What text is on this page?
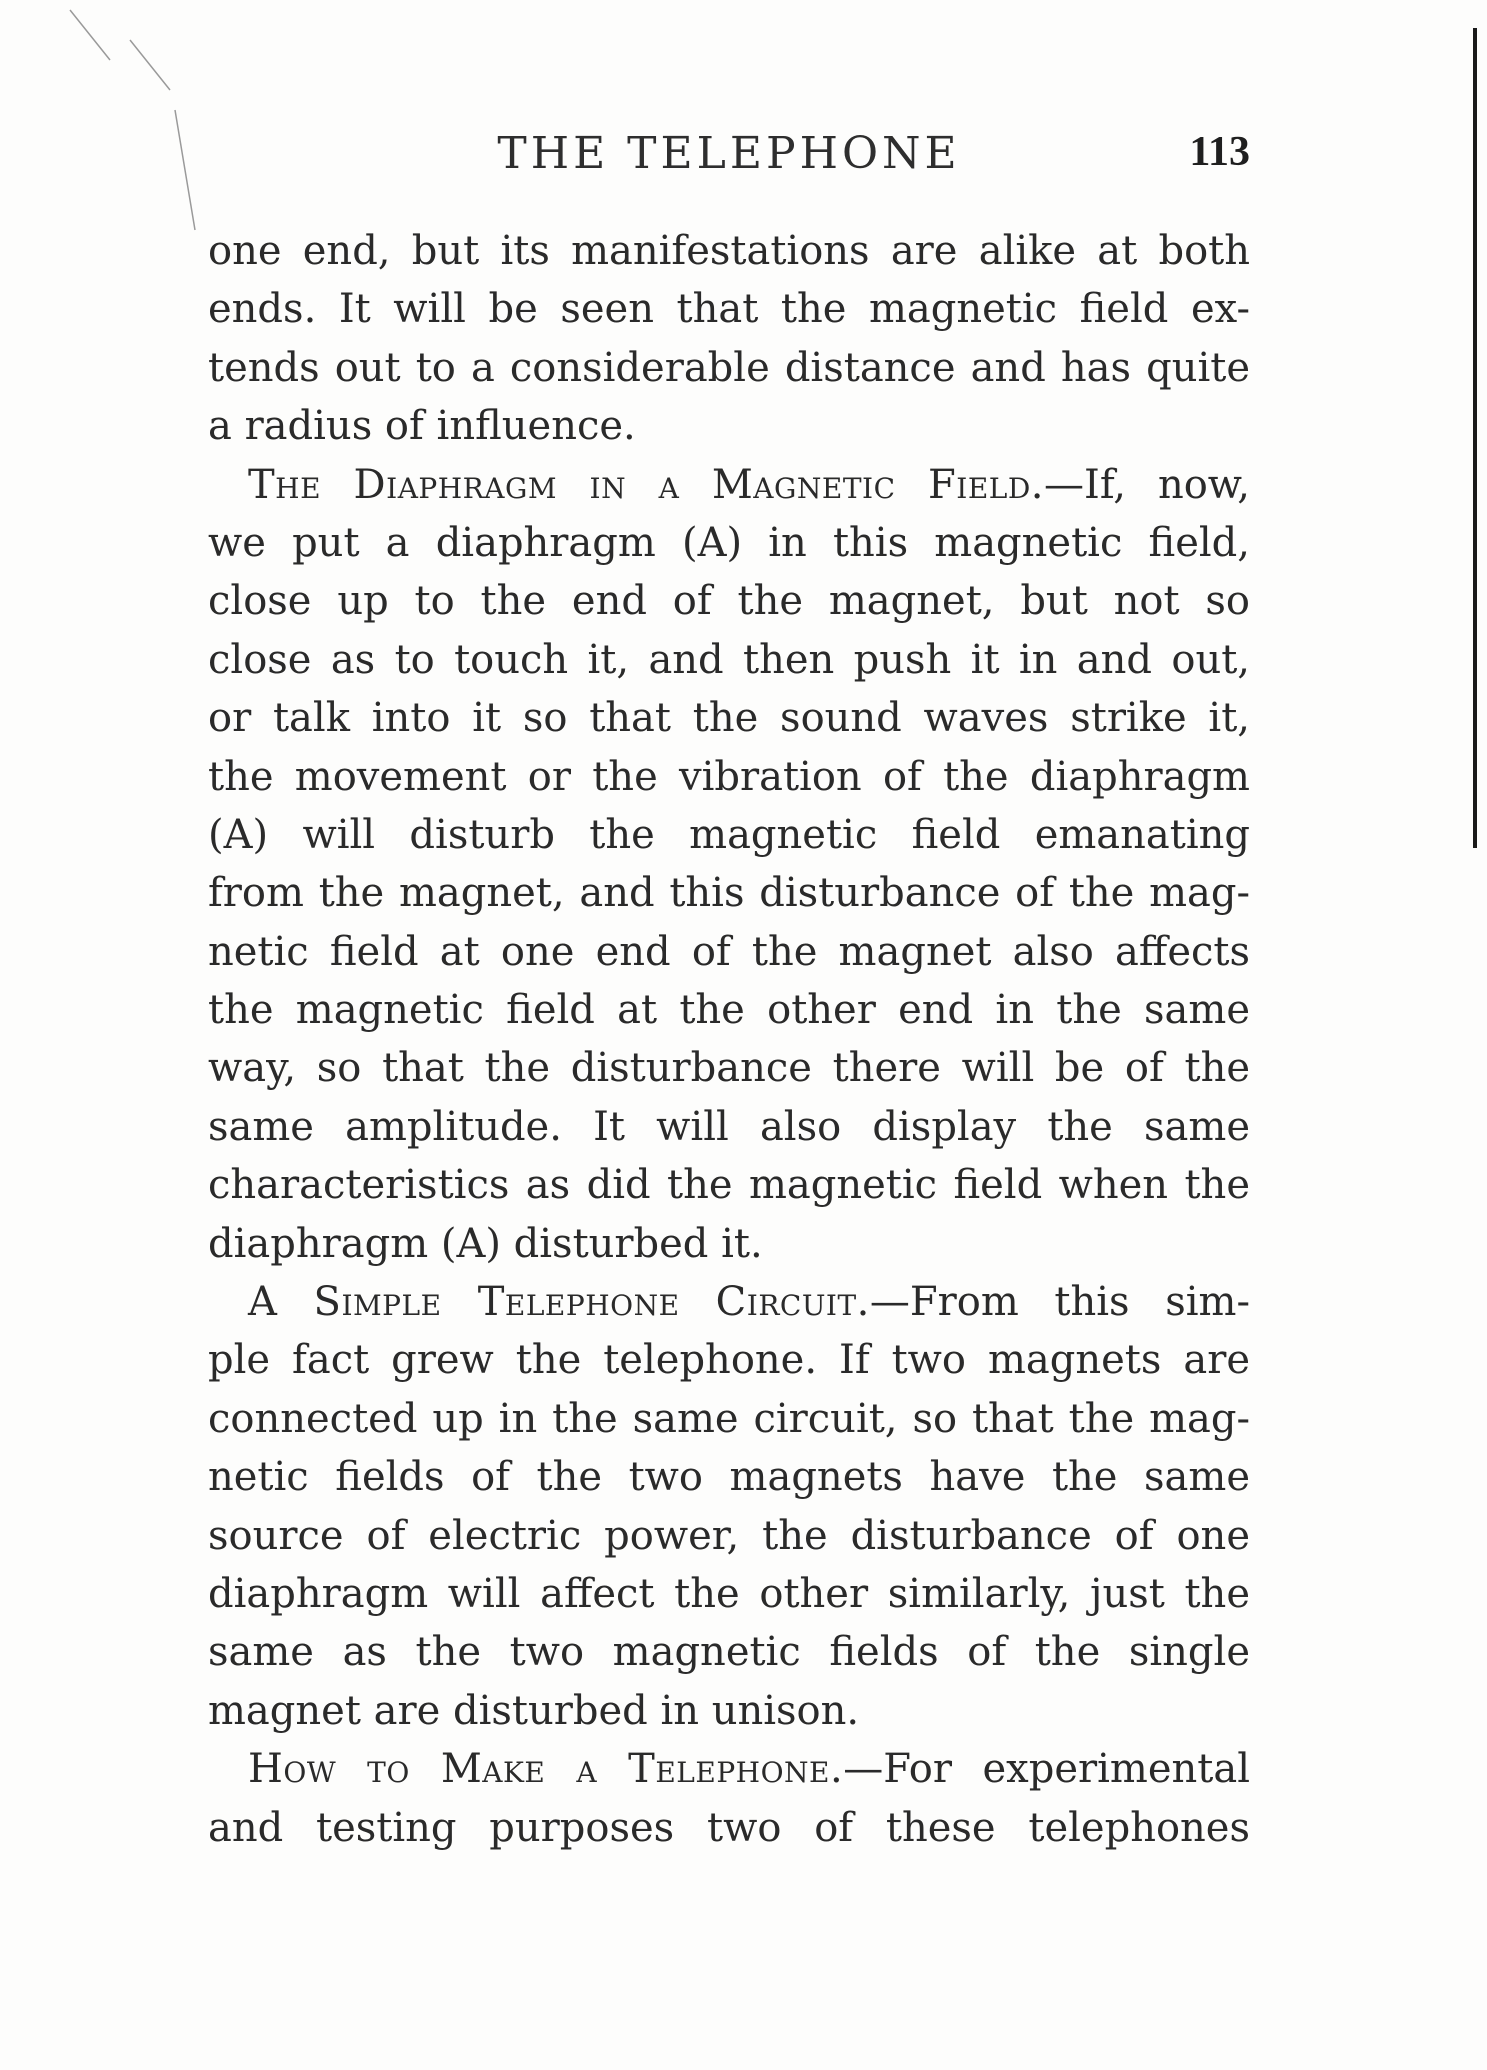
THE TELEPHONE	113
one end, but its manifestations are alike at both
ends. It will be seen that the magnetic field ex-
tends out to a considerable distance and has quite
a radius of influence.
The Diaphragm in a Magnetic Field.—If, now,
we put a diaphragm (A) in this magnetic field,
close up to the end of the magnet, but not so
close as to touch it, and then push it in and out,
or talk into it so that the sound waves strike it,
the movement or the vibration of the diaphragm
(A) will disturb the magnetic field emanating
from the magnet, and this disturbance of the mag-
netic field at one end of the magnet also affects
the magnetic field at the other end in the same
way, so that the disturbance there will be of the
same amplitude. It will also display the same
characteristics as did the magnetic field when the
diaphragm (A) disturbed it.
A Simple Telephone Circuit.—From this sim-
ple fact grew the telephone. If two magnets are
connected up in the same circuit, so that the mag-
netic fields of the two magnets have the same
source of electric power, the disturbance of one
diaphragm will affect the other similarly, just the
same as the two magnetic fields of the single
magnet are disturbed in unison.
How to Make a Telephone.—For experimental
and testing purposes two of these telephones
